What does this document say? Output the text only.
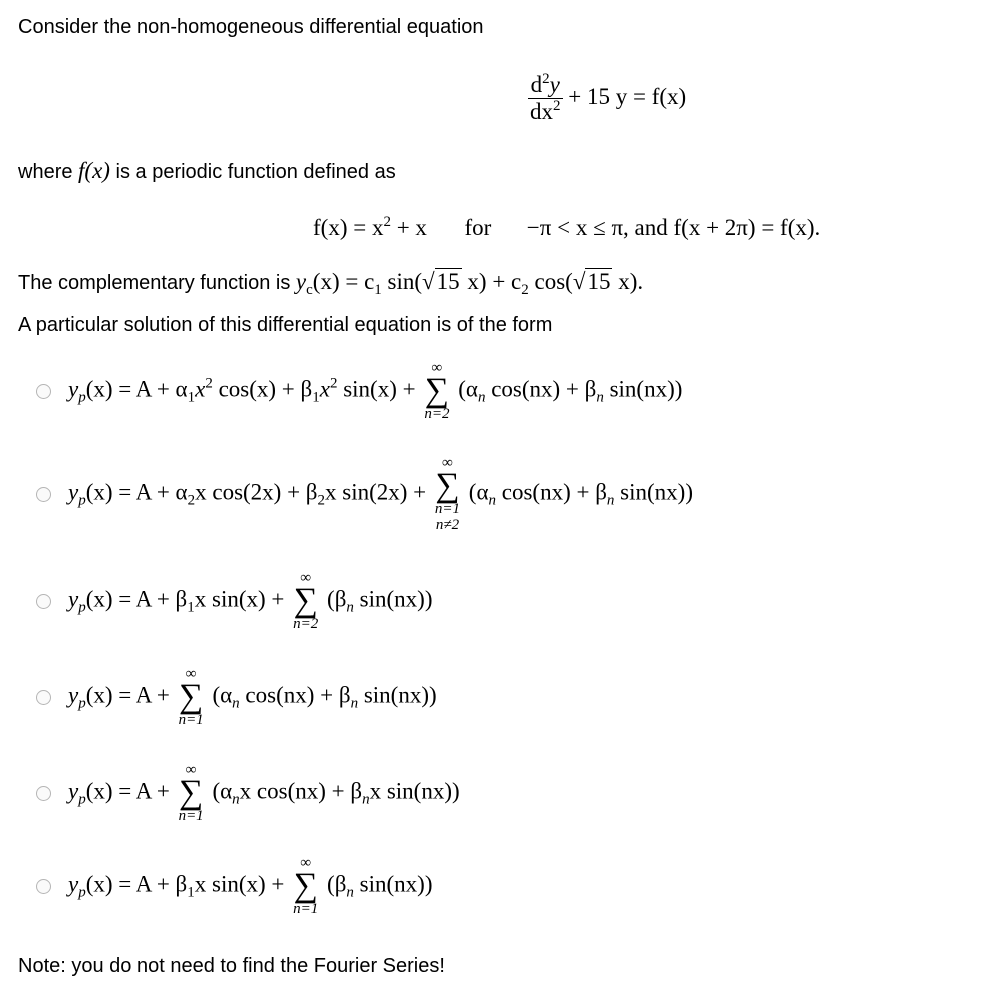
Consider the non-homogeneous differential equation
$\frac{d^2y}{dx^2} + 15$ y = f(x)
where f(x) is a periodic function defined as
$f(x) = x^2 + x$ for −π < x ≤ π, and f(x + 2π) = f(x).
The complementary function is $y_c(x) = c_1$ sin(√15 $x) + c_2$ cos(√15 x).
A particular solution of this differential equation is of the form
$y_p(x) = A + \alpha_1x^2$ $\cos(x) + \beta_1x^2$ sin(x) +
∞
∑
n=2
($\alpha_n$ $\cos(nx) + \beta_n$ sin(nx))
$y_p(x) = A + \alpha_2x$ $\cos(2x) + \beta_2x$ sin(2x) +
∞
∑
n=1
n≠2
($\alpha_n$ $\cos(nx) + \beta_n$ sin(nx))
$y_p(x) = A + \beta_1x$ sin(x) +
∞
∑
n=2
($\beta_n$ sin(nx))
$y_p(x) = A$ +
∞
∑
n=1
($\alpha_n$ $\cos(nx) + \beta_n$ sin(nx))
$y_p(x) = A$ +
∞
∑
n=1
($\alpha_nx$ $\cos(nx) + \beta_nx$ sin(nx))
$y_p(x) = A + \beta_1x$ sin(x) +
∞
∑
n=1
($\beta_n$ sin(nx))
Note: you do not need to find the Fourier Series!
